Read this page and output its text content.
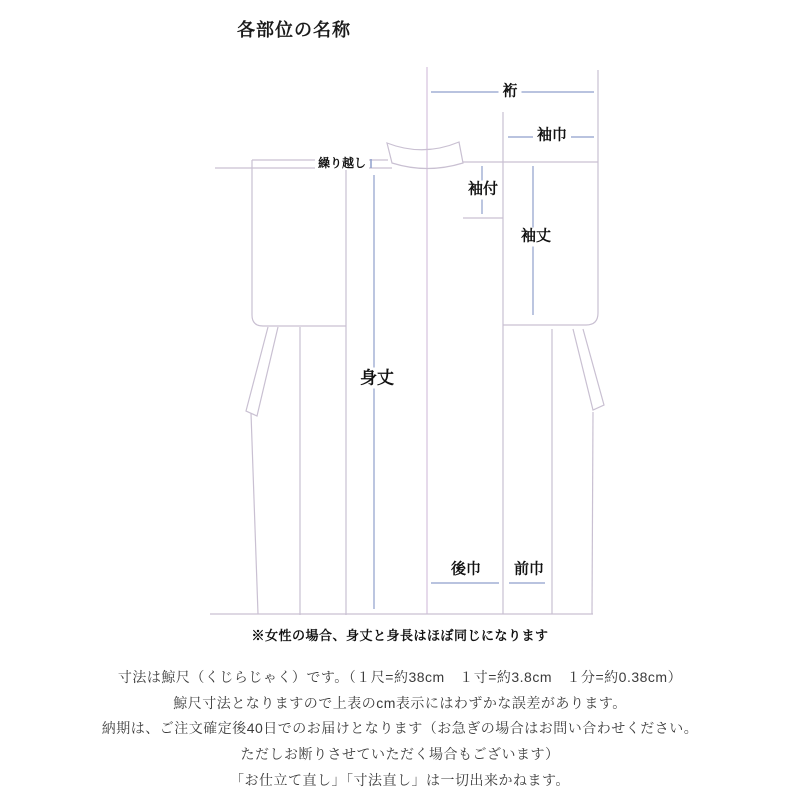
各部位の名称
裄
袖巾
袖付
袖丈
身丈
繰り越し
後巾 前巾
※女性の場合、身丈と身長はほぼ同じになります
寸法は鯨尺（くじらじゃく）です。（１尺=約38cm　１寸=約3.8cm　１分=約0.38cm）
鯨尺寸法となりますので上表のcm表示にはわずかな誤差があります。
納期は、ご注文確定後40日でのお届けとなります（お急ぎの場合はお問い合わせください。
ただしお断りさせていただく場合もございます）
「お仕立て直し」「寸法直し」は一切出来かねます。
